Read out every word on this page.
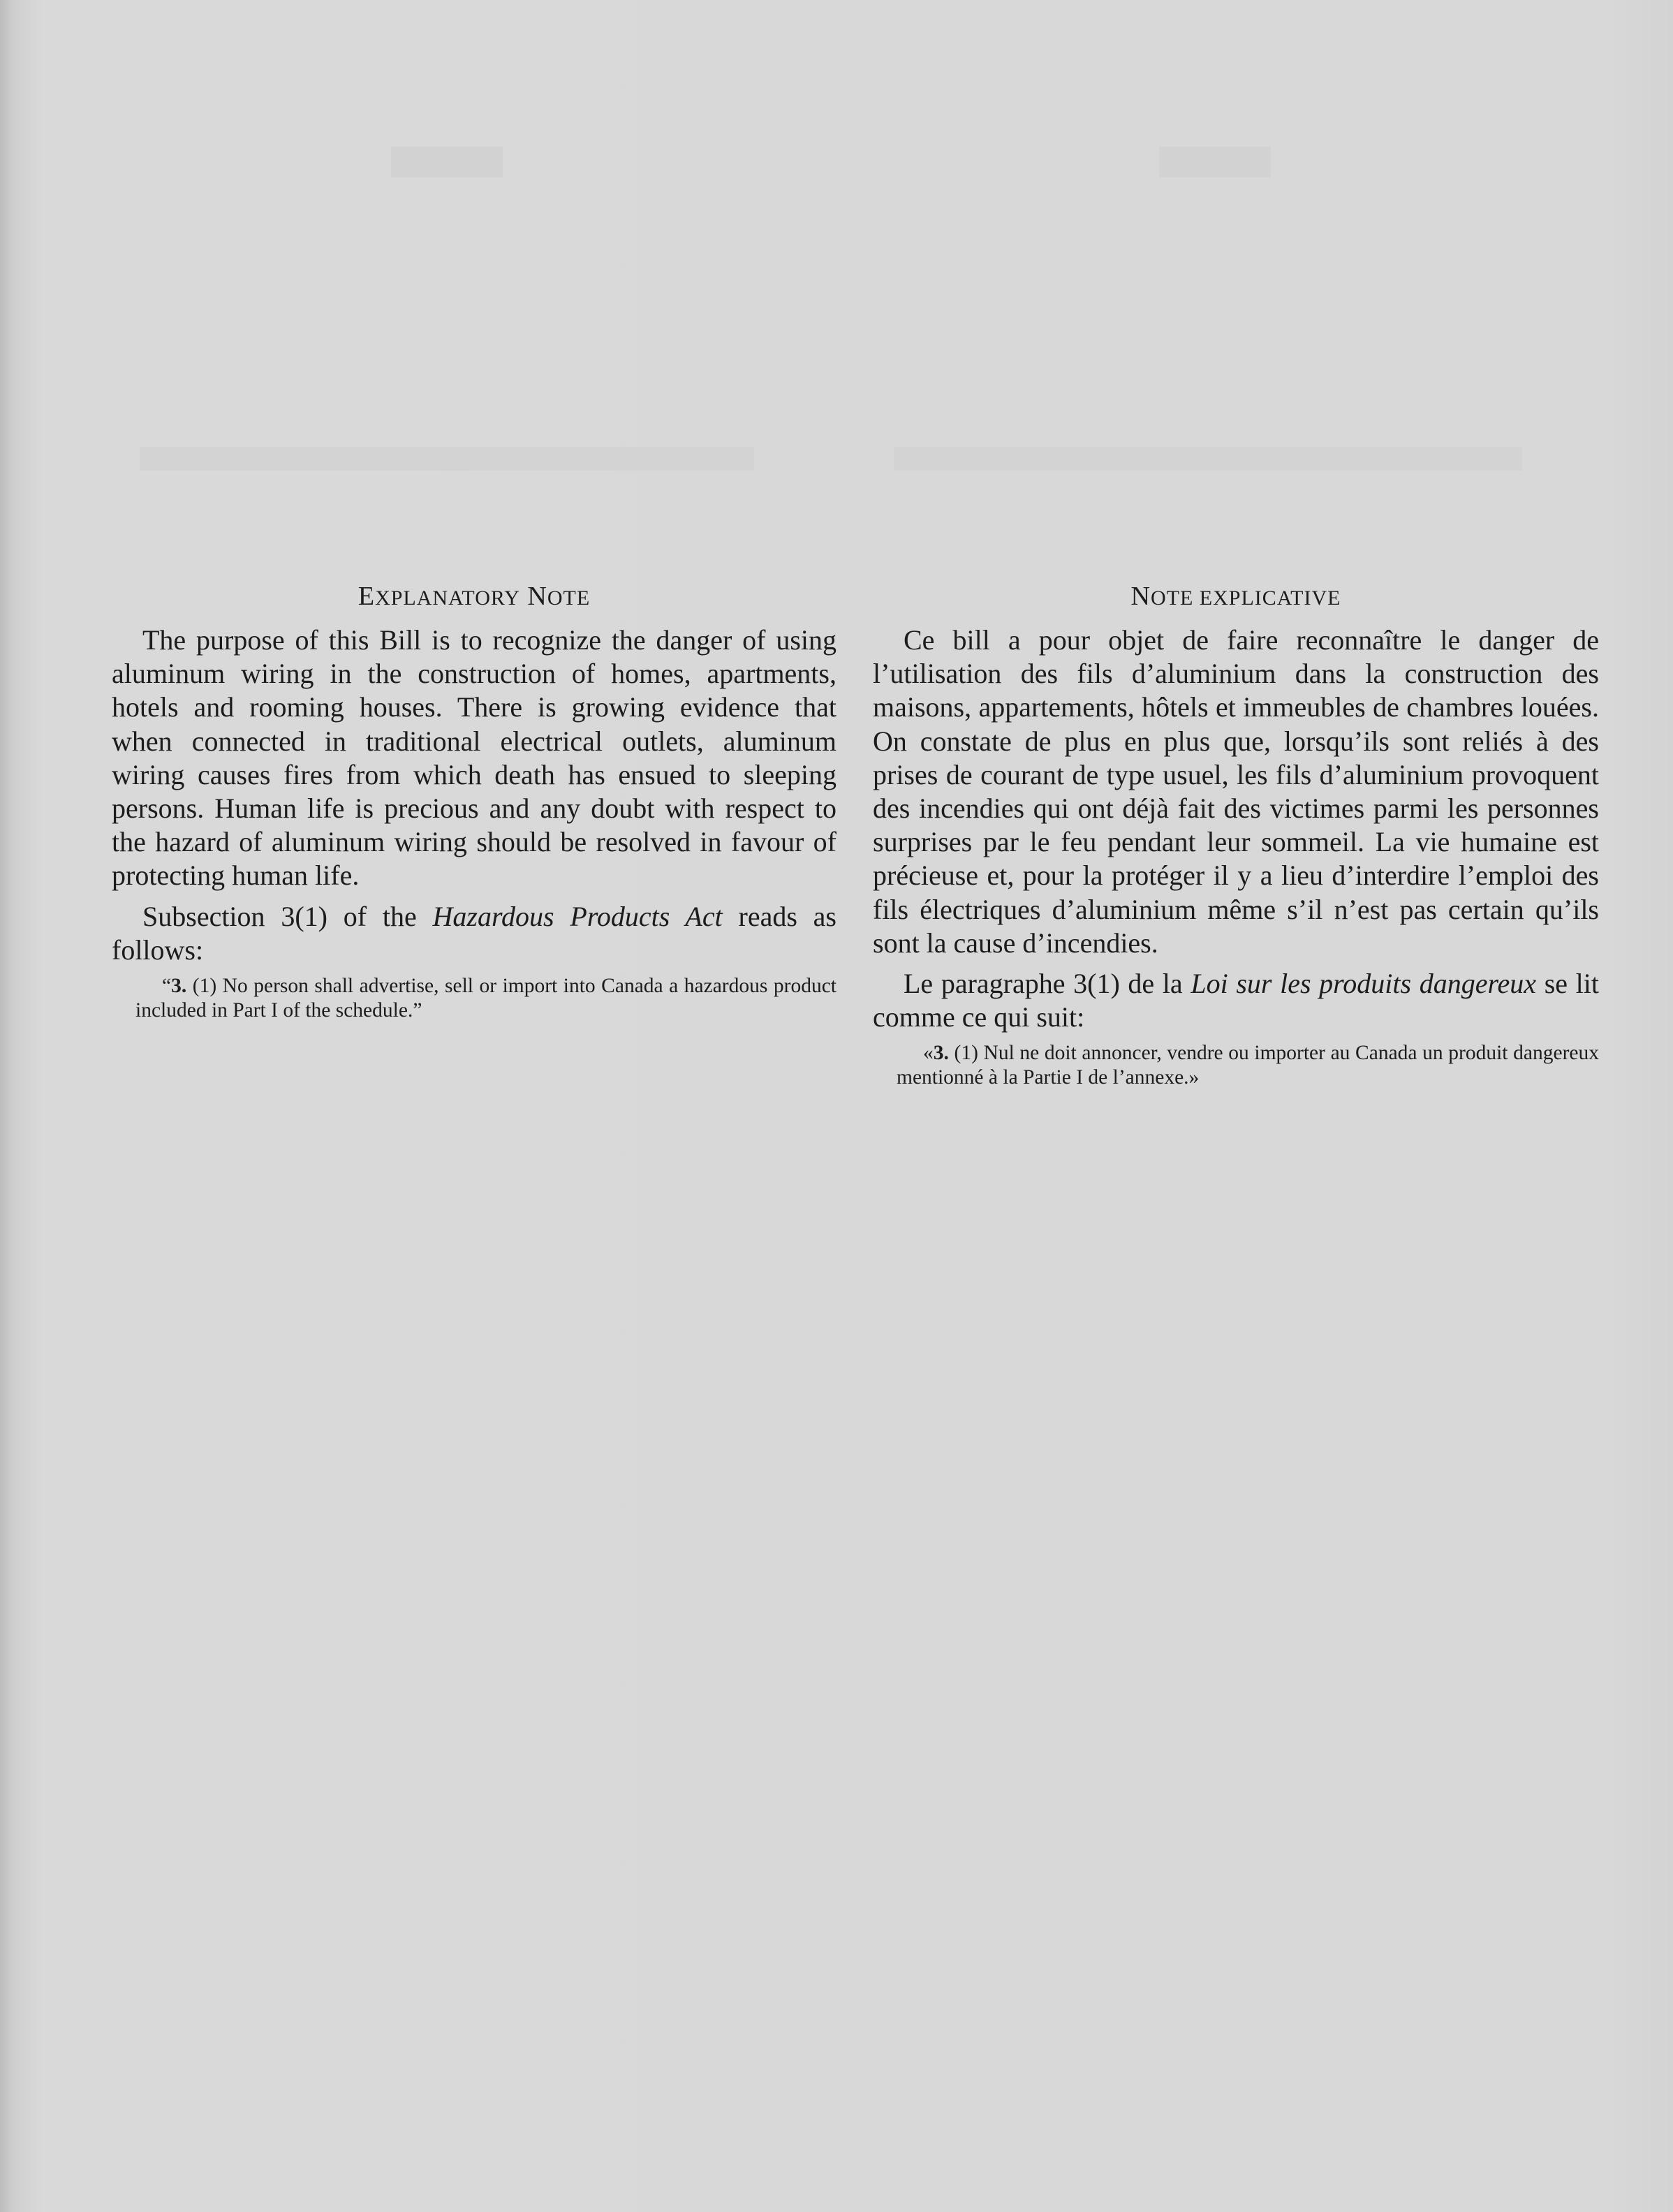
EXPLANATORY NOTE

The purpose of this Bill is to recognize the danger of using aluminum wiring in the construction of homes, apartments, hotels and rooming houses. There is growing evidence that when connected in traditional electrical outlets, aluminum wiring causes fires from which death has ensued to sleeping persons. Human life is precious and any doubt with respect to the hazard of aluminum wiring should be resolved in favour of protecting human life.

Subsection 3(1) of the Hazardous Products Act reads as follows:

“3. (1) No person shall advertise, sell or import into Canada a hazardous product included in Part I of the schedule.”

NOTE EXPLICATIVE

Ce bill a pour objet de faire reconnaître le danger de l’utilisation des fils d’aluminium dans la construction des maisons, appartements, hôtels et immeubles de chambres louées. On constate de plus en plus que, lorsqu’ils sont reliés à des prises de courant de type usuel, les fils d’aluminium provoquent des incendies qui ont déjà fait des victimes parmi les personnes surprises par le feu pendant leur sommeil. La vie humaine est précieuse et, pour la protéger il y a lieu d’interdire l’emploi des fils électriques d’aluminium même s’il n’est pas certain qu’ils sont la cause d’incendies.

Le paragraphe 3(1) de la Loi sur les produits dangereux se lit comme ce qui suit:

«3. (1) Nul ne doit annoncer, vendre ou importer au Canada un produit dangereux mentionné à la Partie I de l’annexe.»
